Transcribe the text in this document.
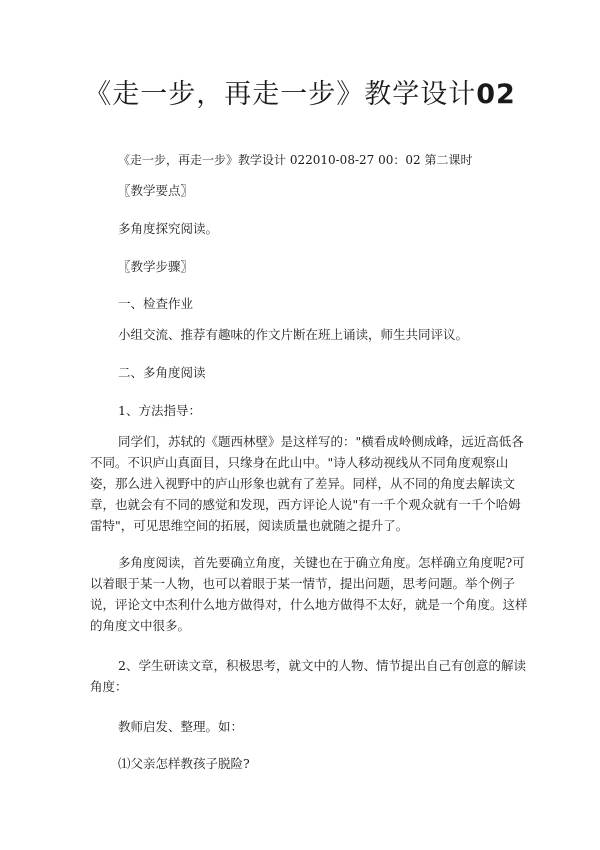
《走一步，再走一步》教学设计02

《走一步，再走一步》教学设计 022010-08-27 00：02 第二课时

〖教学要点〗

多角度探究阅读。

〖教学步骤〗

一、检查作业

小组交流、推荐有趣味的作文片断在班上诵读，师生共同评议。

二、多角度阅读

1、方法指导：

同学们，苏轼的《题西林壁》是这样写的："横看成岭侧成峰，远近高低各不同。不识庐山真面目，只缘身在此山中。"诗人移动视线从不同角度观察山姿，那么进入视野中的庐山形象也就有了差异。同样，从不同的角度去解读文章，也就会有不同的感觉和发现，西方评论人说"有一千个观众就有一千个哈姆雷特"，可见思维空间的拓展，阅读质量也就随之提升了。

多角度阅读，首先要确立角度，关键也在于确立角度。怎样确立角度呢?可以着眼于某一人物，也可以着眼于某一情节，提出问题，思考问题。举个例子说，评论文中杰利什么地方做得对，什么地方做得不太好，就是一个角度。这样的角度文中很多。

2、学生研读文章，积极思考，就文中的人物、情节提出自己有创意的解读角度：

教师启发、整理。如：

⑴父亲怎样教孩子脱险?
